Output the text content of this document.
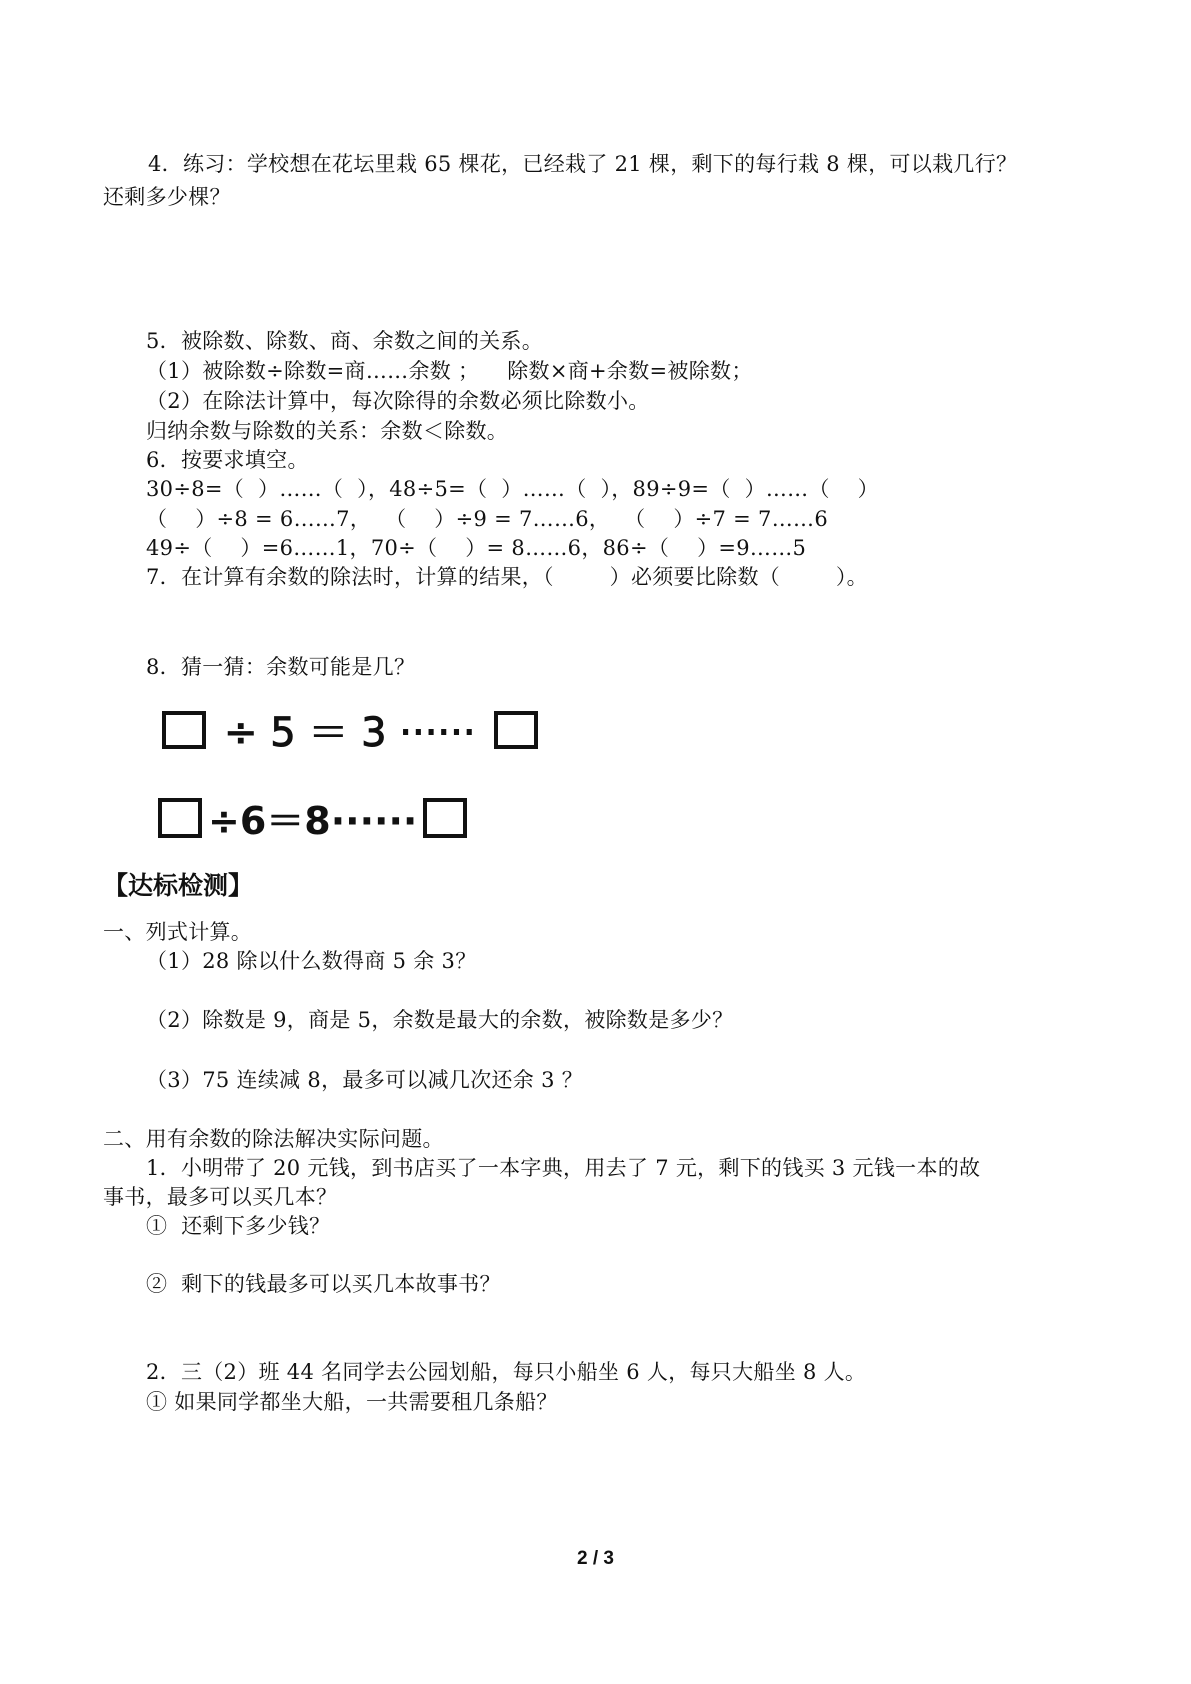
4．练习：学校想在花坛里栽 65 棵花，已经栽了 21 棵，剩下的每行栽 8 棵，可以栽几行？
还剩多少棵？
5．被除数、除数、商、余数之间的关系。
（1）被除数÷除数=商……余数 ；    除数×商+余数=被除数；
（2）在除法计算中，每次除得的余数必须比除数小。
归纳余数与除数的关系：余数＜除数。
6．按要求填空。
30÷8=（  ）……（  ），48÷5=（  ）……（  ），89÷9=（  ）……（    ）
（    ）÷8 = 6……7，  （    ）÷9 = 7……6，  （    ）÷7 = 7……6
49÷（    ）=6……1，70÷（    ）= 8……6，86÷（    ）=9……5
7．在计算有余数的除法时，计算的结果，（        ）必须要比除数（        ）。
8．猜一猜：余数可能是几？
÷ 5 ＝ 3 ······
÷6＝8······
【达标检测】
一、列式计算。
（1）28 除以什么数得商 5 余 3？
（2）除数是 9，商是 5，余数是最大的余数，被除数是多少？
（3）75 连续减 8，最多可以减几次还余 3 ？
二、用有余数的除法解决实际问题。
1．小明带了 20 元钱，到书店买了一本字典，用去了 7 元，剩下的钱买 3 元钱一本的故
事书，最多可以买几本？
①  还剩下多少钱？
②  剩下的钱最多可以买几本故事书？
2．三（2）班 44 名同学去公园划船，每只小船坐 6 人，每只大船坐 8 人。
① 如果同学都坐大船，一共需要租几条船？
2 / 3
